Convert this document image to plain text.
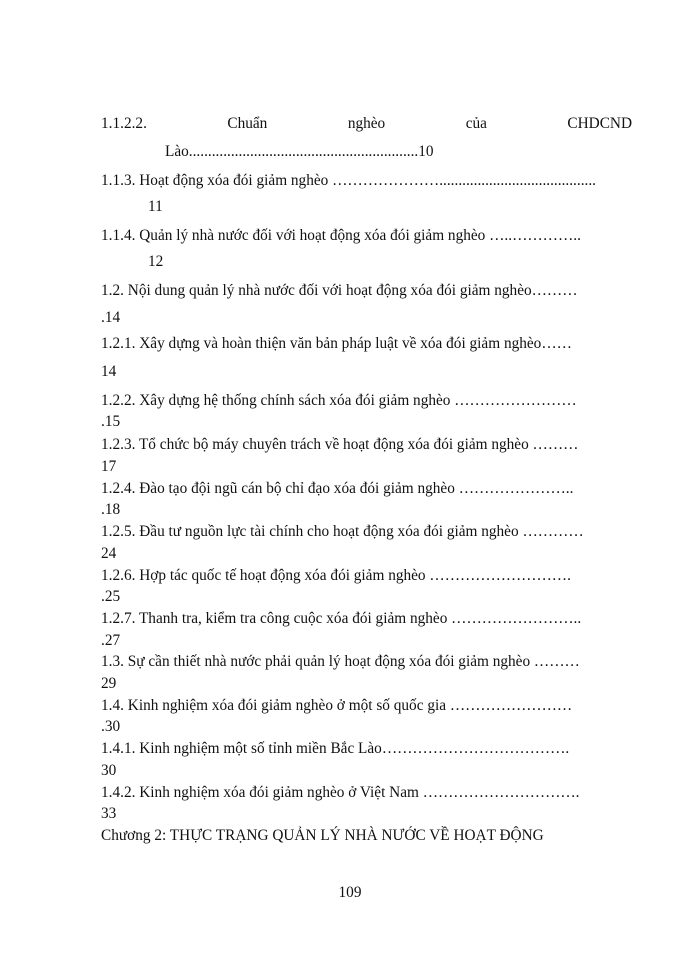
1.1.2.2.	Chuẩn	nghèo	của	CHDCND
Lào............................................................10
1.1.3. Hoạt động xóa đói giảm nghèo ………………….........................................
11
1.1.4. Quản lý nhà nước đối với hoạt động xóa đói giảm nghèo …..…………..
12
1.2. Nội dung quản lý nhà nước đối với hoạt động xóa đói giảm nghèo………
.14
1.2.1. Xây dựng và hoàn thiện văn bản pháp luật về xóa đói giảm nghèo……
14
1.2.2. Xây dựng hệ thống chính sách xóa đói giảm nghèo ……………………
.15
1.2.3. Tổ chức bộ máy chuyên trách về hoạt động xóa đói giảm nghèo ………
17
1.2.4. Đào tạo đội ngũ cán bộ chỉ đạo xóa đói giảm nghèo …………………..
.18
1.2.5. Đầu tư nguồn lực tài chính cho hoạt động xóa đói giảm nghèo …………
24
1.2.6. Hợp tác quốc tế hoạt động xóa đói giảm nghèo ……………………….
.25
1.2.7. Thanh tra, kiểm tra công cuộc xóa đói giảm nghèo ……………………..
.27
1.3. Sự cần thiết nhà nước phải quản lý hoạt động xóa đói giảm nghèo ………
29
1.4. Kinh nghiệm xóa đói giảm nghèo ở một số quốc gia ……………………
.30
1.4.1. Kinh nghiệm một số tỉnh miền Bắc Lào……………………………….
30
1.4.2. Kinh nghiệm xóa đói giảm nghèo ở Việt Nam ………………………….
33
Chương 2: THỰC TRẠNG QUẢN LÝ NHÀ NƯỚC VỀ HOẠT ĐỘNG
109
